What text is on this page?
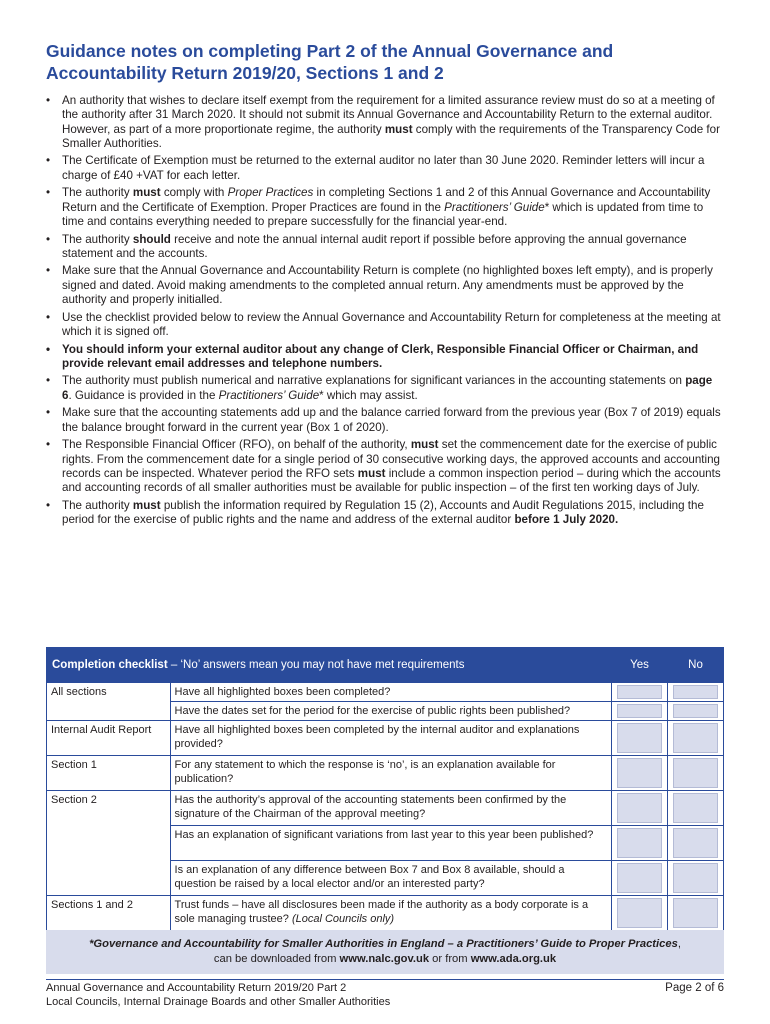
Guidance notes on completing Part 2 of the Annual Governance and
Accountability Return 2019/20, Sections 1 and 2
• An authority that wishes to declare itself exempt from the requirement for a limited assurance review must do so at a meeting of the authority after 31 March 2020. It should not submit its Annual Governance and Accountability Return to the external auditor. However, as part of a more proportionate regime, the authority must comply with the requirements of the Transparency Code for Smaller Authorities.
• The Certificate of Exemption must be returned to the external auditor no later than 30 June 2020. Reminder letters will incur a charge of £40 +VAT for each letter.
• The authority must comply with Proper Practices in completing Sections 1 and 2 of this Annual Governance and Accountability Return and the Certificate of Exemption. Proper Practices are found in the Practitioners’ Guide* which is updated from time to time and contains everything needed to prepare successfully for the financial year-end.
• The authority should receive and note the annual internal audit report if possible before approving the annual governance statement and the accounts.
• Make sure that the Annual Governance and Accountability Return is complete (no highlighted boxes left empty), and is properly signed and dated. Avoid making amendments to the completed annual return. Any amendments must be approved by the authority and properly initialled.
• Use the checklist provided below to review the Annual Governance and Accountability Return for completeness at the meeting at which it is signed off.
• You should inform your external auditor about any change of Clerk, Responsible Financial Officer or Chairman, and provide relevant email addresses and telephone numbers.
• The authority must publish numerical and narrative explanations for significant variances in the accounting statements on page 6. Guidance is provided in the Practitioners’ Guide* which may assist.
• Make sure that the accounting statements add up and the balance carried forward from the previous year (Box 7 of 2019) equals the balance brought forward in the current year (Box 1 of 2020).
• The Responsible Financial Officer (RFO), on behalf of the authority, must set the commencement date for the exercise of public rights. From the commencement date for a single period of 30 consecutive working days, the approved accounts and accounting records can be inspected. Whatever period the RFO sets must include a common inspection period – during which the accounts and accounting records of all smaller authorities must be available for public inspection – of the first ten working days of July.
• The authority must publish the information required by Regulation 15 (2), Accounts and Audit Regulations 2015, including the period for the exercise of public rights and the name and address of the external auditor before 1 July 2020.
Completion checklist – ‘No’ answers mean you may not have met requirements		Yes	No
All sections	Have all highlighted boxes been completed?	

	Have the dates set for the period for the exercise of public rights been published?	

Internal Audit Report	Have all highlighted boxes been completed by the internal auditor and explanations provided?	

Section 1	For any statement to which the response is ‘no’, is an explanation available for publication?	

Section 2	Has the authority’s approval of the accounting statements been confirmed by the signature of the Chairman of the approval meeting?	

	Has an explanation of significant variations from last year to this year been published?	

	Is an explanation of any difference between Box 7 and Box 8 available, should a question be raised by a local elector and/or an interested party?	

Sections 1 and 2	Trust funds – have all disclosures been made if the authority as a body corporate is a sole managing trustee? (Local Councils only)	

*Governance and Accountability for Smaller Authorities in England – a Practitioners’ Guide to Proper Practices,
can be downloaded from www.nalc.gov.uk or from www.ada.org.uk
Annual Governance and Accountability Return 2019/20 Part 2
Local Councils, Internal Drainage Boards and other Smaller Authorities
Page 2 of 6
